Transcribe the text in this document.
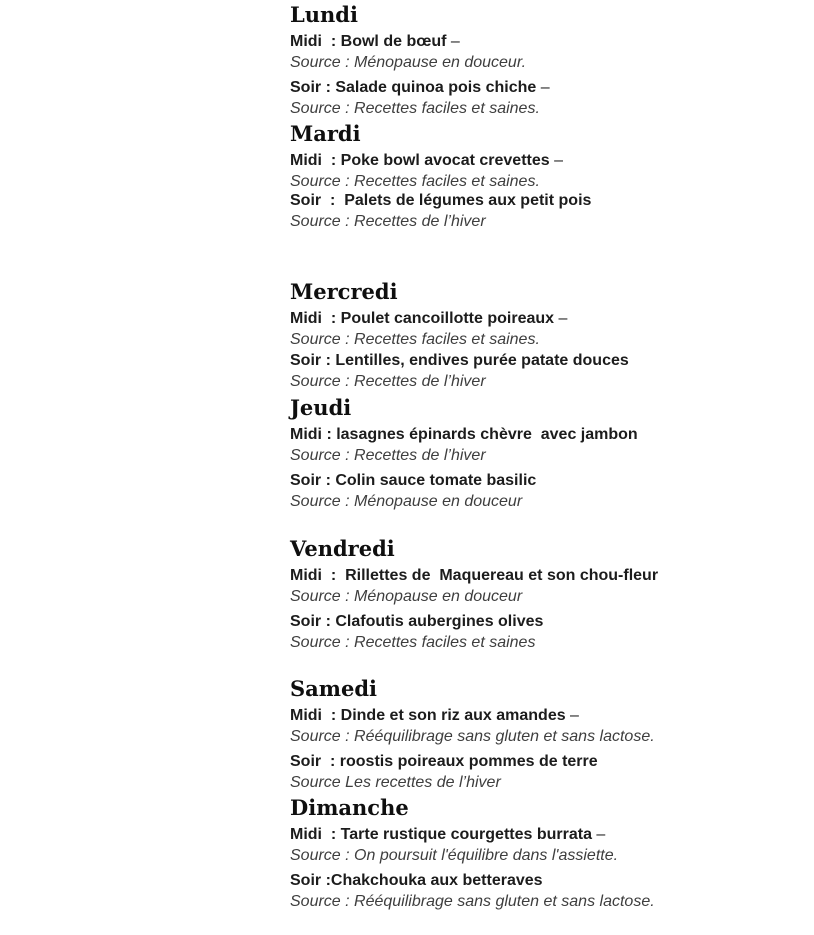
Lundi

Midi  : Bowl de bœuf –

Source : Ménopause en douceur.

Soir : Salade quinoa pois chiche –

Source : Recettes faciles et saines.

Mardi

Midi  : Poke bowl avocat crevettes –

Source : Recettes faciles et saines.

Soir  :  Palets de légumes aux petit pois

Source : Recettes de l’hiver

Mercredi

Midi  : Poulet cancoillotte poireaux –

Source : Recettes faciles et saines.

Soir : Lentilles, endives purée patate douces

Source : Recettes de l’hiver

Jeudi

Midi : lasagnes épinards chèvre  avec jambon

Source : Recettes de l’hiver

Soir : Colin sauce tomate basilic

Source : Ménopause en douceur

Vendredi

Midi  :  Rillettes de  Maquereau et son chou-fleur

Source : Ménopause en douceur

Soir : Clafoutis aubergines olives

Source : Recettes faciles et saines

Samedi

Midi  : Dinde et son riz aux amandes –

Source : Rééquilibrage sans gluten et sans lactose.

Soir  : roostis poireaux pommes de terre

Source Les recettes de l’hiver

Dimanche

Midi  : Tarte rustique courgettes burrata –

Source : On poursuit l'équilibre dans l'assiette.

Soir :Chakchouka aux betteraves

Source : Rééquilibrage sans gluten et sans lactose.
